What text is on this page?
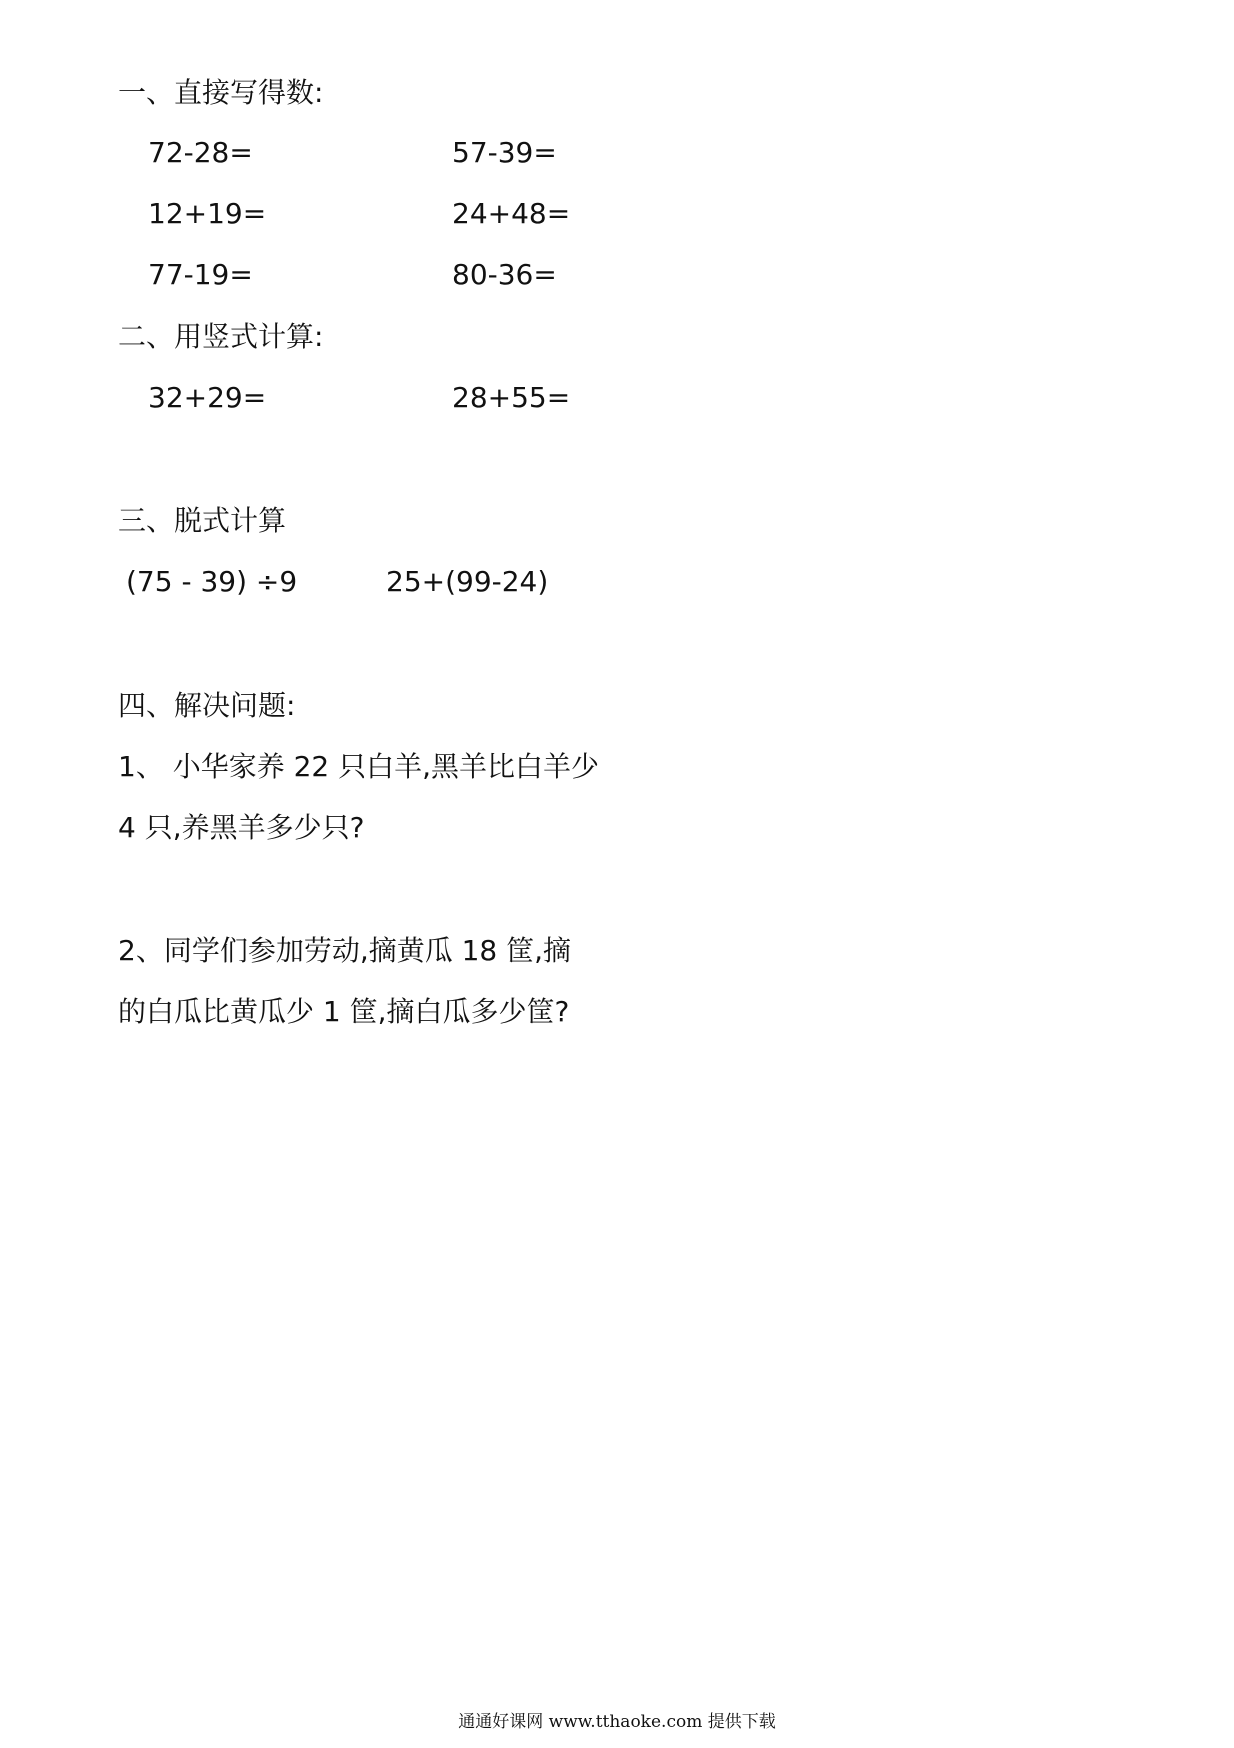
一、直接写得数:
72-28=	57-39=
12+19=	24+48=
77-19=	80-36=
二、用竖式计算:
32+29=	28+55=
三、脱式计算
(75 - 39) ÷9	25+(99-24)
四、解决问题:
1、 小华家养 22 只白羊,黑羊比白羊少
4 只,养黑羊多少只?
2、同学们参加劳动,摘黄瓜 18 筐,摘
的白瓜比黄瓜少 1 筐,摘白瓜多少筐?
通通好课网 www.tthaoke.com 提供下载
